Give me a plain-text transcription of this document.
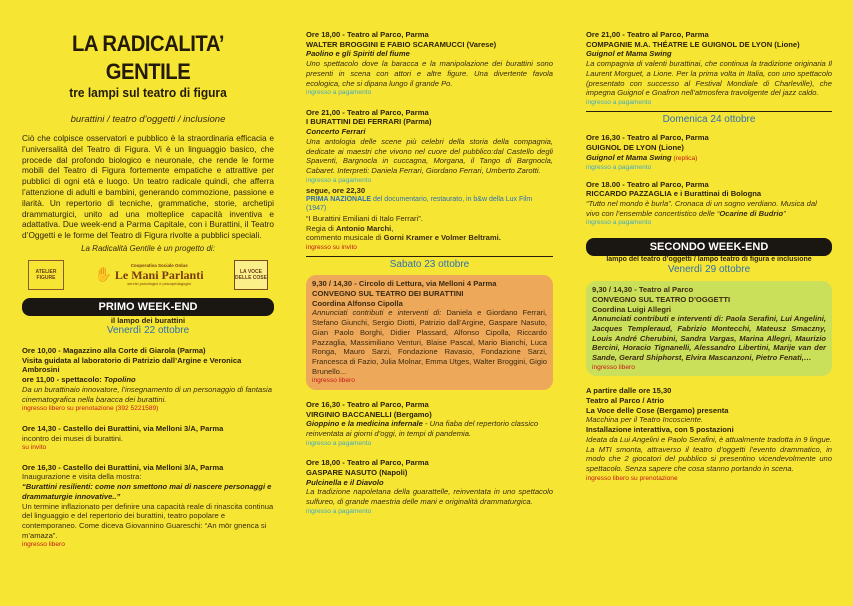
LA RADICALITA’ GENTILE
tre lampi sul teatro di figura
burattini / teatro d’oggetti / inclusione
Ciò che colpisce osservatori e pubblico è la straordinaria efficacia e l’universalità del Teatro di Figura. Vi è un linguaggio basico, che procede dal profondo biologico e neuronale, che rende le forme mobili del Teatro di Figura fortemente empatiche e attrattive per pubblici di ogni età e luogo. Un teatro radicale quindi, che afferra l’attenzione di adulti e bambini, generando commozione, passione e ilarità. Un repertorio di tecniche, grammatiche, storie, archetipi drammaturgici, unito ad una molteplice capacità inventiva e adattativa. Due week-end a Parma Capitale, con i Burattini, il Teatro d’Oggetti e le forme del Teatro di Figura rivolte a pubblici speciali.
La Radicalità Gentile è un progetto di:
ATELIER FIGURE	✋
Cooperativa Sociale Onlus
Le Mani Parlanti
servizi psicologici e psicopedagogici
LA VOCE DELLE COSE
PRIMO WEEK-END
il lampo dei burattini
Venerdì 22 ottobre
Ore 10,00 - Magazzino alla Corte di Giarola (Parma)
Visita guidata al laboratorio di Patrizio dall’Argine e Veronica Ambrosini
ore 11,00 - spettacolo: Topolino
Da un burattinaio innovatore, l’insegnamento di un personaggio di fantasia cinematografica nella baracca dei burattini.
ingresso libero su prenotazione (392 5221589)
Ore 14,30 - Castello dei Burattini, via Melloni 3/A, Parma
incontro dei musei di burattini.
su invito
Ore 16,30 - Castello dei Burattini, via Melloni 3/A, Parma
Inaugurazione e visita della mostra:
“Burattini resilienti: come non smettono mai di nascere personaggi e drammaturgie innovative..”
Un termine inflazionato per definire una capacità reale di rinascita continua del linguaggio e del repertorio dei burattini, teatro popolare e contemporaneo. Come diceva Giovannino Guareschi: “An mör gnenca si m’amaza”.
ingresso libero
Ore 18,00 - Teatro al Parco, Parma
WALTER BROGGINI E FABIO SCARAMUCCI (Varese)
Paolino e gli Spiriti del fiume
Uno spettacolo dove la baracca e la manipolazione dei burattini sono presenti in scena con attori e altre figure. Una divertente favola ecologica, che si dipana lungo il grande Po.
ingresso a pagamento
Ore 21,00 - Teatro al Parco, Parma
I BURATTINI DEI FERRARI (Parma)
Concerto Ferrari
Una antologia delle scene più celebri della storia della compagnia, dedicate ai maestri che vivono nel cuore del pubblico:dal Castello degli Spaventi, Bargnocla in cuccagna, Morgana, il Tango di Bargnocla, Cabaret. Interpreti: Daniela Ferrari, Giordano Ferrari, Umberto Zarotti.
ingresso a pagamento
segue, ore 22,30
PRIMA NAZIONALE del documentario, restaurato, in b&w della Lux Film (1947)
“I Burattini Emiliani di Italo Ferrari”.
Regia di Antonio Marchi,
commento musicale di Gorni Kramer e Volmer Beltrami.
ingresso su invito
Sabato 23 ottobre
9,30 / 14,30 - Circolo di Lettura, via Melloni 4 Parma
CONVEGNO SUL TEATRO DEI BURATTINI
Coordina Alfonso Cipolla
Annunciati contributi e interventi di: Daniela e Giordano Ferrari, Stefano Giunchi, Sergio Diotti, Patrizio dall’Argine, Gaspare Nasuto, Gian Paolo Borghi, Didier Plassard, Alfonso Cipolla, Riccardo Pazzaglia, Massimiliano Venturi, Blaise Pascal, Mario Bianchi, Luca Ronga, Mauro Sarzi, Fondazione Ravasio, Fondazione Sarzi, Francesca di Fazio, Julia Molnar, Emma Utges, Walter Broggini, Gigio Brunello...
ingresso libero
Ore 16,30 - Teatro al Parco, Parma
VIRGINIO BACCANELLI (Bergamo)
Gioppino e la medicina infernale - Una fiaba del repertorio classico reinventata ai giorni d’oggi, in tempi di pandemia.
ingresso a pagamento
Ore 18,00 - Teatro al Parco, Parma
GASPARE NASUTO (Napoli)
Pulcinella e il Diavolo
La tradizione napoletana della guarattelle, reinventata in uno spettacolo sulfureo, di grande maestria delle mani e originalità drammaturgica.
ingresso a pagamento
Ore 21,00 - Teatro al Parco, Parma
COMPAGNIE M.A. THÉATRE LE GUIGNOL DE LYON (Lione)
Guignol et Mama Swing
La compagnia di valenti burattinai, che continua la tradizione originaria Il Laurent Morguet, a Lione. Per la prima volta in Italia, con uno spettacolo (presentato con successo al Festival Mondiale di Charleville), che impegna Guignol e Gnafron nell’atmosfera travolgente del jazz caldo.
ingresso a pagamento
Domenica 24 ottobre
Ore 16,30 - Teatro al Parco, Parma
GUIGNOL DE LYON (Lione)
Guignol et Mama Swing (replica)
ingresso a pagamento
Ore 18.00 - Teatro al Parco, Parma
RICCARDO PAZZAGLIA e i Burattinai di Bologna
“Tutto nel mondo è burla”. Cronaca di un sogno verdiano. Musica dal vivo con l’ensemble concertistico delle “Ocarine di Budrio”
ingresso a pagamento
SECONDO WEEK-END
lampo del teatro d’oggetti / lampo teatro di figura e inclusione
Venerdì 29 ottobre
9,30 / 14,30 - Teatro al Parco
CONVEGNO SUL TEATRO D’OGGETTI
Coordina Luigi Allegri
Annunciati contributi e interventi di: Paola Serafini, Lui Angelini, Jacques Templeraud, Fabrizio Montecchi, Mateusz Smaczny, Louis André Cherubini, Sandra Vargas, Marina Allegri, Maurizio Bercini, Horacio Tignanelli, Alessandro Libertini, Marije van der Sande, Gerard Shiphorst, Elvira Mascanzoni, Pietro Fenati,…
ingresso libero
A partire dalle ore 15,30
Teatro al Parco / Atrio
La Voce delle Cose (Bergamo) presenta
Macchina per il Teatro Incosciente.
Installazione interattiva, con 5 postazioni
Ideata da Lui Angelini e Paolo Serafini, è attualmente tradotta in 9 lingue. La MTI smonta, attraverso il teatro d’oggetti l’evento drammatico, in modo che 2 giocatori del pubblico si presentino vicendevolmente uno spettacolo. Senza sapere che cosa stanno portando in scena.
ingresso libero su prenotazione
